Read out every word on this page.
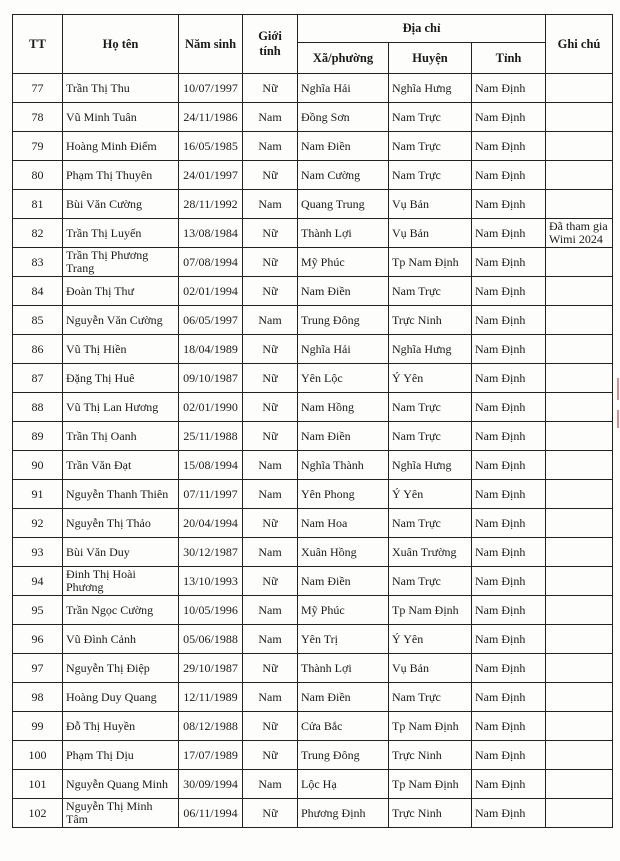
TT	Họ tên	Năm sinh	Giới tính	Địa chỉ			Ghi chú
				Xã/phường	Huyện	Tỉnh	
77	Trần Thị Thu	10/07/1997	Nữ	Nghĩa Hải	Nghĩa Hưng	Nam Định	
78	Vũ Minh Tuân	24/11/1986	Nam	Đồng Sơn	Nam Trực	Nam Định	
79	Hoàng Minh Điểm	16/05/1985	Nam	Nam Điền	Nam Trực	Nam Định	
80	Phạm Thị Thuyên	24/01/1997	Nữ	Nam Cường	Nam Trực	Nam Định	
81	Bùi Văn Cường	28/11/1992	Nam	Quang Trung	Vụ Bản	Nam Định	
82	Trần Thị Luyến	13/08/1984	Nữ	Thành Lợi	Vụ Bản	Nam Định	Đã tham gia Wimi 2024
83	Trần Thị Phương Trang	07/08/1994	Nữ	Mỹ Phúc	Tp Nam Định	Nam Định	
84	Đoàn Thị Thư	02/01/1994	Nữ	Nam Điền	Nam Trực	Nam Định	
85	Nguyễn Văn Cường	06/05/1997	Nam	Trung Đông	Trực Ninh	Nam Định	
86	Vũ Thị Hiền	18/04/1989	Nữ	Nghĩa Hải	Nghĩa Hưng	Nam Định	
87	Đặng Thị Huê	09/10/1987	Nữ	Yên Lộc	Ý Yên	Nam Định	
88	Vũ Thị Lan Hương	02/01/1990	Nữ	Nam Hồng	Nam Trực	Nam Định	
89	Trần Thị Oanh	25/11/1988	Nữ	Nam Điền	Nam Trực	Nam Định	
90	Trần Văn Đạt	15/08/1994	Nam	Nghĩa Thành	Nghĩa Hưng	Nam Định	
91	Nguyễn Thanh Thiên	07/11/1997	Nam	Yên Phong	Ý Yên	Nam Định	
92	Nguyễn Thị Thảo	20/04/1994	Nữ	Nam Hoa	Nam Trực	Nam Định	
93	Bùi Văn Duy	30/12/1987	Nam	Xuân Hồng	Xuân Trường	Nam Định	
94	Đinh Thị Hoài Phương	13/10/1993	Nữ	Nam Điền	Nam Trực	Nam Định	
95	Trần Ngọc Cường	10/05/1996	Nam	Mỹ Phúc	Tp Nam Định	Nam Định	
96	Vũ Đình Cảnh	05/06/1988	Nam	Yên Trị	Ý Yên	Nam Định	
97	Nguyễn Thị Điệp	29/10/1987	Nữ	Thành Lợi	Vụ Bản	Nam Định	
98	Hoàng Duy Quang	12/11/1989	Nam	Nam Điền	Nam Trực	Nam Định	
99	Đỗ Thị Huyền	08/12/1988	Nữ	Cửa Bắc	Tp Nam Định	Nam Định	
100	Phạm Thị Dịu	17/07/1989	Nữ	Trung Đông	Trực Ninh	Nam Định	
101	Nguyễn Quang Minh	30/09/1994	Nam	Lộc Hạ	Tp Nam Định	Nam Định	
102	Nguyễn Thị Minh Tâm	06/11/1994	Nữ	Phương Định	Trực Ninh	Nam Định	
